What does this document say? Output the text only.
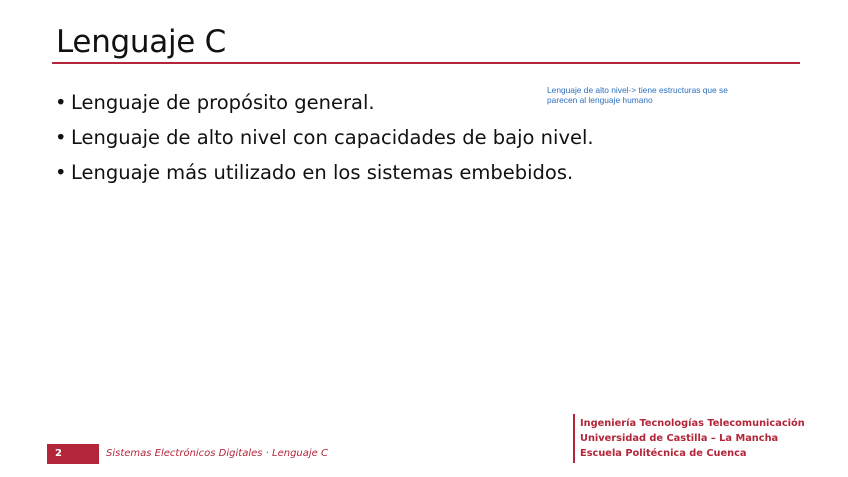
Lenguaje C
• Lenguaje de propósito general.
• Lenguaje de alto nivel con capacidades de bajo nivel.
• Lenguaje más utilizado en los sistemas embebidos.
Lenguaje de alto nivel-> tiene estructuras que se
parecen al lenguaje humano
2	Sistemas Electrónicos Digitales · Lenguaje C
Ingeniería Tecnologías Telecomunicación
Universidad de Castilla – La Mancha
Escuela Politécnica de Cuenca
